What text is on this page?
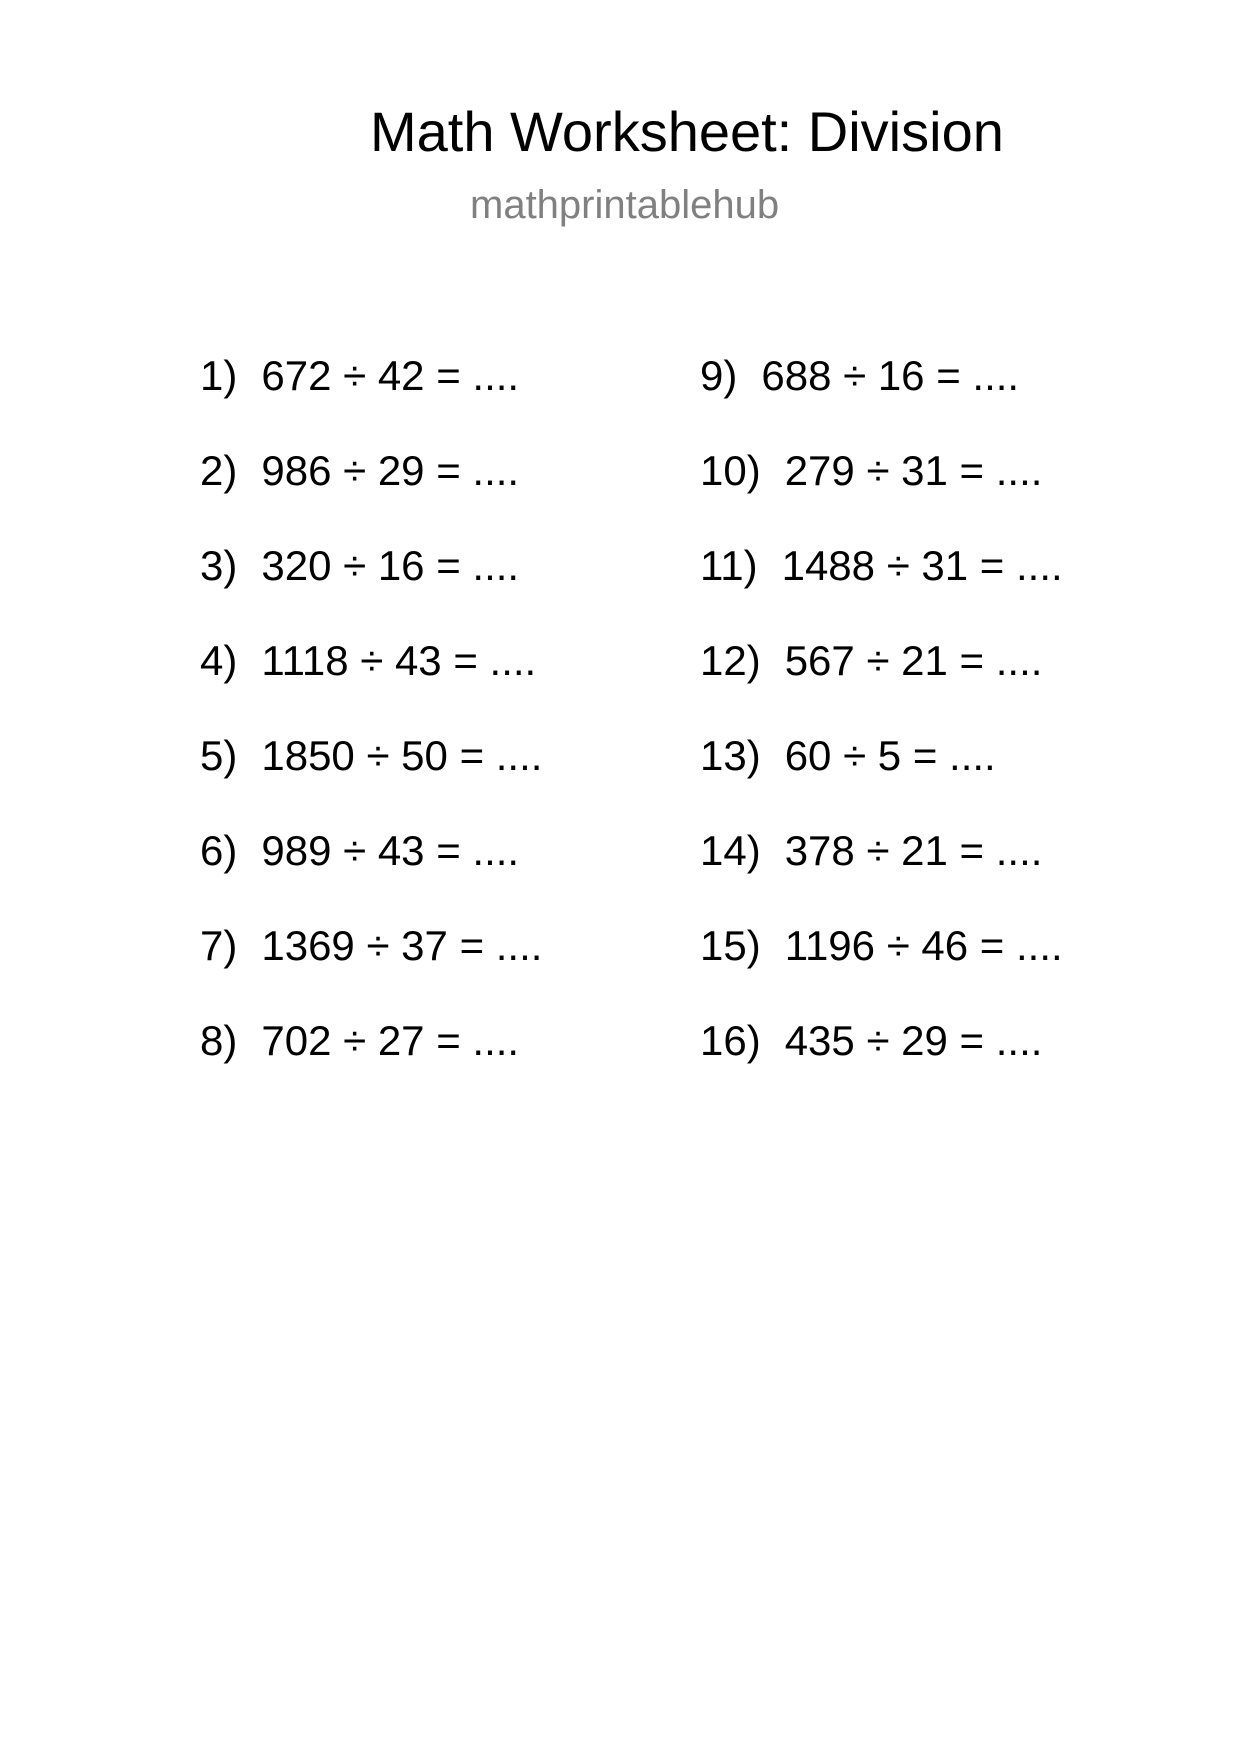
Math Worksheet: Division
mathprintablehub
1) 672 ÷ 42 = ....
2) 986 ÷ 29 = ....
3) 320 ÷ 16 = ....
4) 1118 ÷ 43 = ....
5) 1850 ÷ 50 = ....
6) 989 ÷ 43 = ....
7) 1369 ÷ 37 = ....
8) 702 ÷ 27 = ....
9) 688 ÷ 16 = ....
10) 279 ÷ 31 = ....
11) 1488 ÷ 31 = ....
12) 567 ÷ 21 = ....
13) 60 ÷ 5 = ....
14) 378 ÷ 21 = ....
15) 1196 ÷ 46 = ....
16) 435 ÷ 29 = ....
